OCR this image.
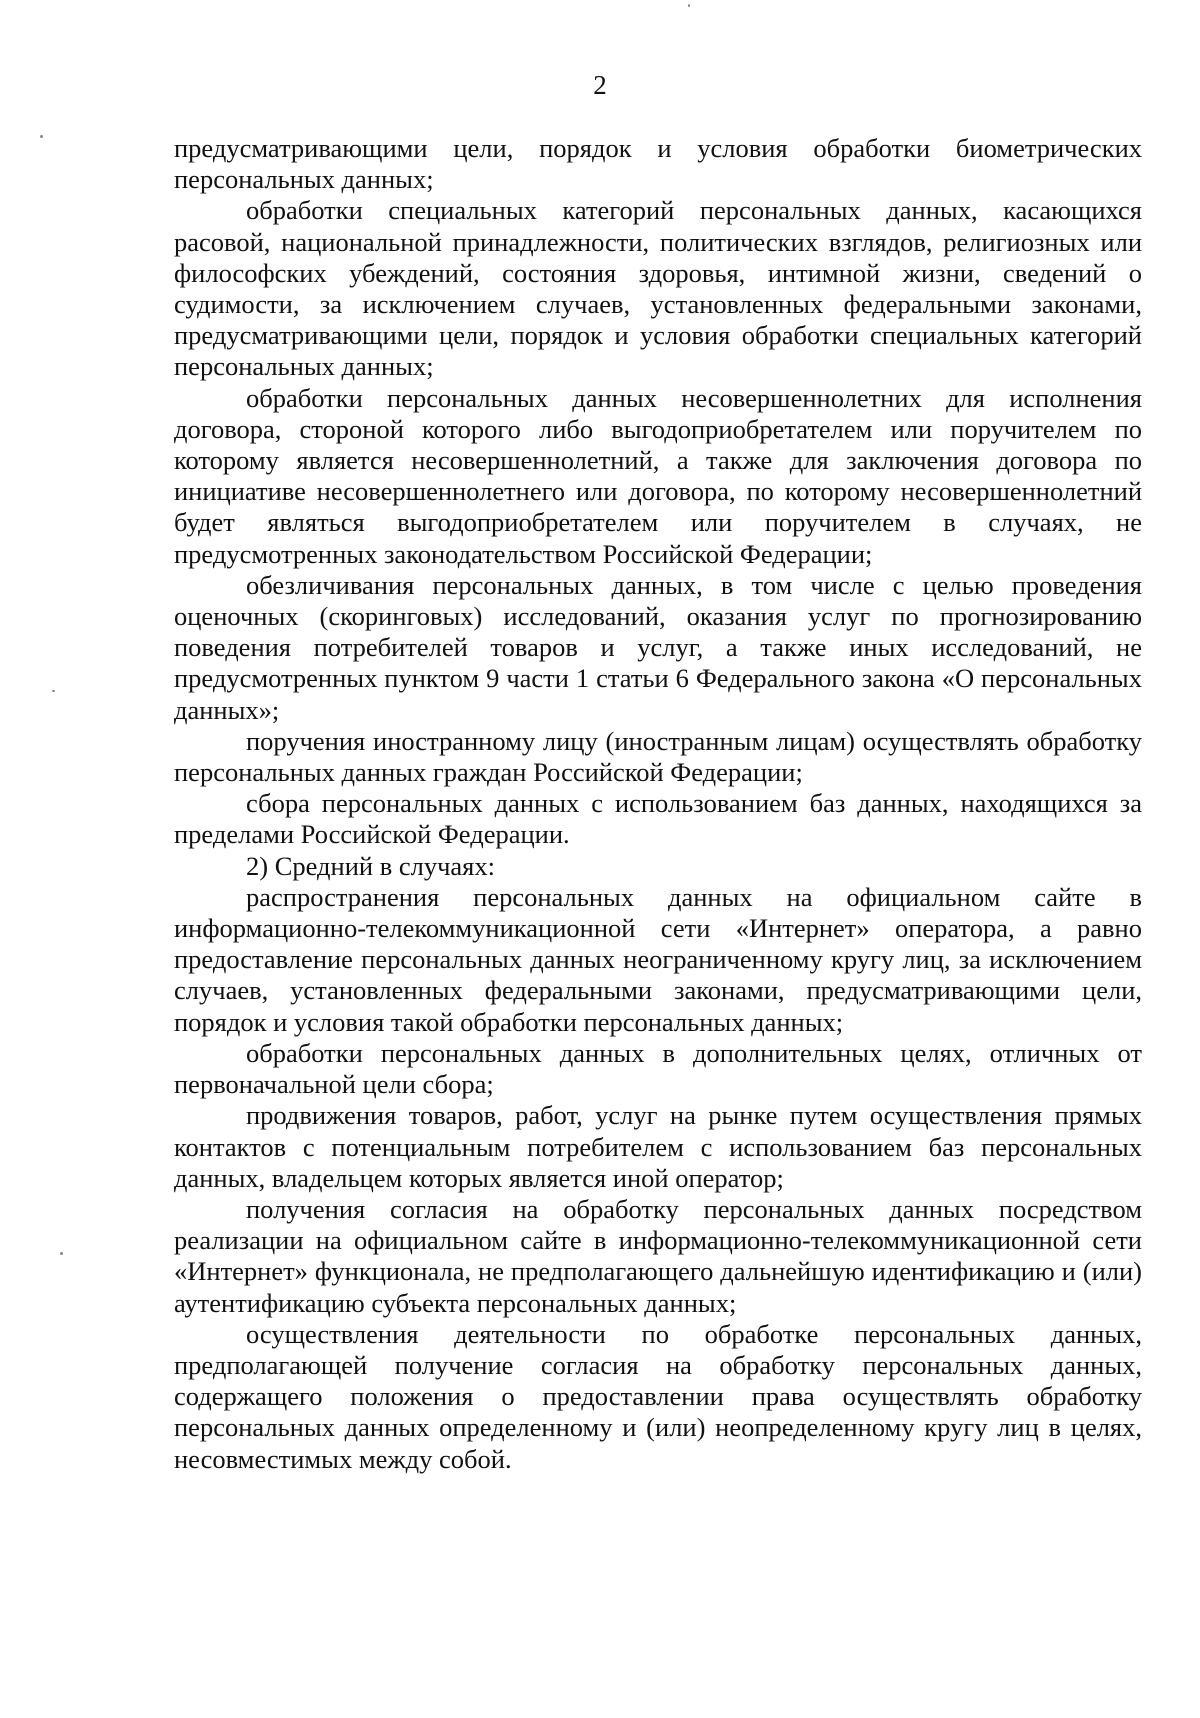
2

предусматривающими цели, порядок и условия обработки биометрических персональных данных;

обработки специальных категорий персональных данных, касающихся расовой, национальной принадлежности, политических взглядов, религиозных или философских убеждений, состояния здоровья, интимной жизни, сведений о судимости, за исключением случаев, установленных федеральными законами, предусматривающими цели, порядок и условия обработки специальных категорий персональных данных;

обработки персональных данных несовершеннолетних для исполнения договора, стороной которого либо выгодоприобретателем или поручителем по которому является несовершеннолетний, а также для заключения договора по инициативе несовершеннолетнего или договора, по которому несовершеннолетний будет являться выгодоприобретателем или поручителем в случаях, не предусмотренных законодательством Российской Федерации;

обезличивания персональных данных, в том числе с целью проведения оценочных (скоринговых) исследований, оказания услуг по прогнозированию поведения потребителей товаров и услуг, а также иных исследований, не предусмотренных пунктом 9 части 1 статьи 6 Федерального закона «О персональных данных»;

поручения иностранному лицу (иностранным лицам) осуществлять обработку персональных данных граждан Российской Федерации;

сбора персональных данных с использованием баз данных, находящихся за пределами Российской Федерации.

2) Средний в случаях:

распространения персональных данных на официальном сайте в информационно-телекоммуникационной сети «Интернет» оператора, а равно предоставление персональных данных неограниченному кругу лиц, за исключением случаев, установленных федеральными законами, предусматривающими цели, порядок и условия такой обработки персональных данных;

обработки персональных данных в дополнительных целях, отличных от первоначальной цели сбора;

продвижения товаров, работ, услуг на рынке путем осуществления прямых контактов с потенциальным потребителем с использованием баз персональных данных, владельцем которых является иной оператор;

получения согласия на обработку персональных данных посредством реализации на официальном сайте в информационно-телекоммуникационной сети «Интернет» функционала, не предполагающего дальнейшую идентификацию и (или) аутентификацию субъекта персональных данных;

осуществления деятельности по обработке персональных данных, предполагающей получение согласия на обработку персональных данных, содержащего положения о предоставлении права осуществлять обработку персональных данных определенному и (или) неопределенному кругу лиц в целях, несовместимых между собой.
